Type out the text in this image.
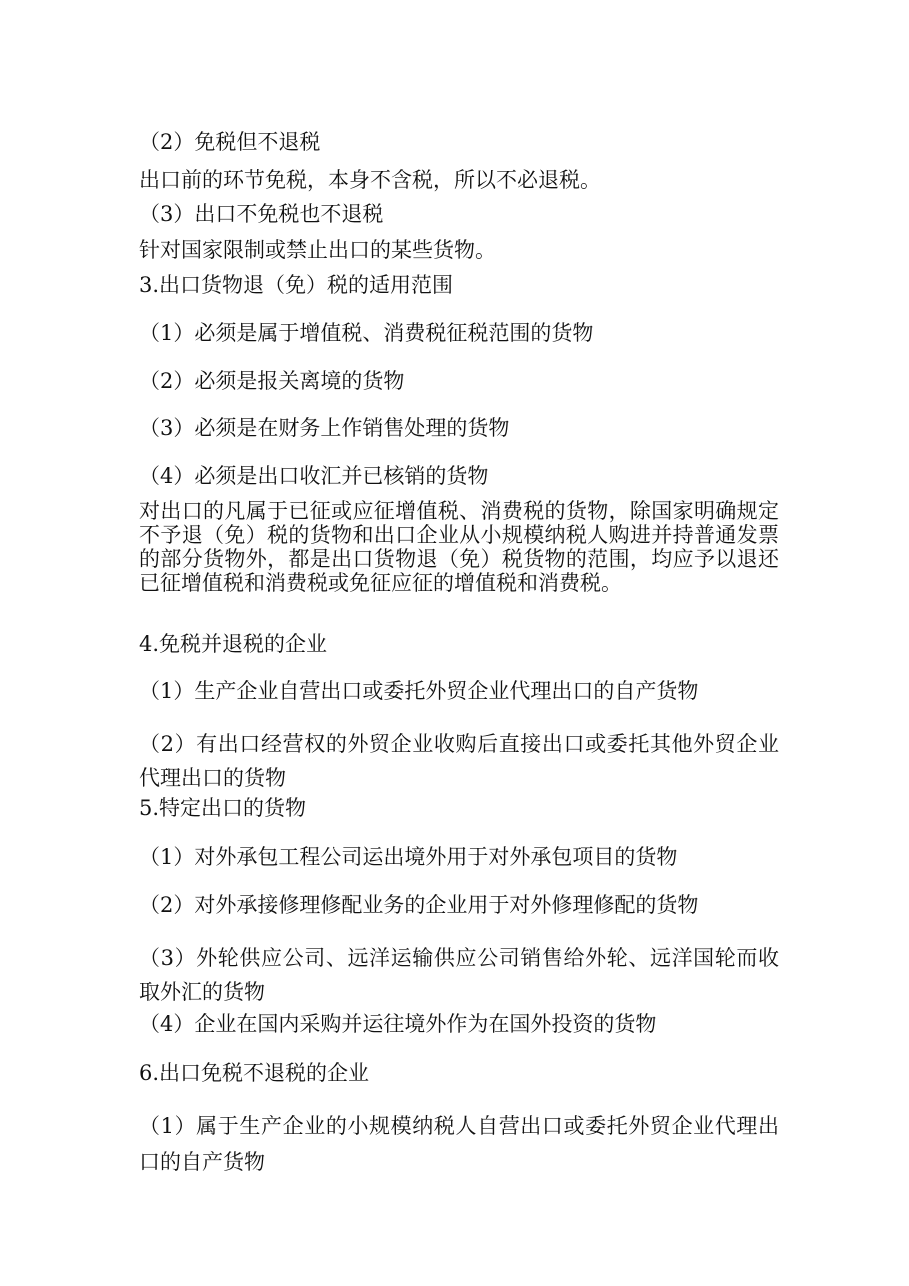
（2）免税但不退税
出口前的环节免税，本身不含税，所以不必退税。
（3）出口不免税也不退税
针对国家限制或禁止出口的某些货物。
3.出口货物退（免）税的适用范围
（1）必须是属于增值税、消费税征税范围的货物
（2）必须是报关离境的货物
（3）必须是在财务上作销售处理的货物
（4）必须是出口收汇并已核销的货物
对出口的凡属于已征或应征增值税、消费税的货物，除国家明确规定不予退（免）税的货物和出口企业从小规模纳税人购进并持普通发票的部分货物外，都是出口货物退（免）税货物的范围，均应予以退还已征增值税和消费税或免征应征的增值税和消费税。
4.免税并退税的企业
（1）生产企业自营出口或委托外贸企业代理出口的自产货物
（2）有出口经营权的外贸企业收购后直接出口或委托其他外贸企业代理出口的货物
5.特定出口的货物
（1）对外承包工程公司运出境外用于对外承包项目的货物
（2）对外承接修理修配业务的企业用于对外修理修配的货物
（3）外轮供应公司、远洋运输供应公司销售给外轮、远洋国轮而收取外汇的货物
（4）企业在国内采购并运往境外作为在国外投资的货物
6.出口免税不退税的企业
（1）属于生产企业的小规模纳税人自营出口或委托外贸企业代理出口的自产货物
